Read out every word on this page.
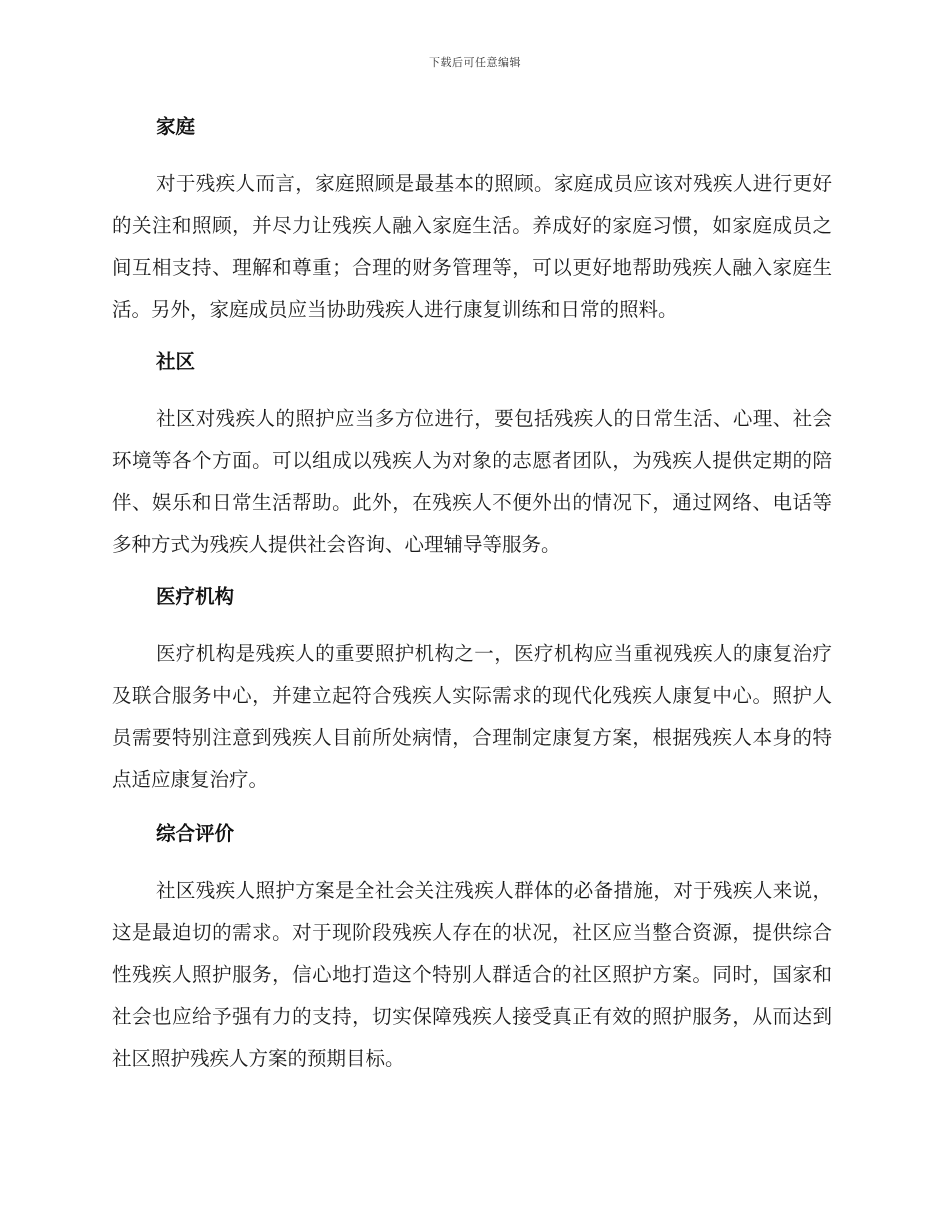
下载后可任意编辑
家庭

对于残疾人而言，家庭照顾是最基本的照顾。家庭成员应该对残疾人进行更好的关注和照顾，并尽力让残疾人融入家庭生活。养成好的家庭习惯，如家庭成员之间互相支持、理解和尊重；合理的财务管理等，可以更好地帮助残疾人融入家庭生活。另外，家庭成员应当协助残疾人进行康复训练和日常的照料。

社区

社区对残疾人的照护应当多方位进行，要包括残疾人的日常生活、心理、社会环境等各个方面。可以组成以残疾人为对象的志愿者团队，为残疾人提供定期的陪伴、娱乐和日常生活帮助。此外，在残疾人不便外出的情况下，通过网络、电话等多种方式为残疾人提供社会咨询、心理辅导等服务。

医疗机构

医疗机构是残疾人的重要照护机构之一，医疗机构应当重视残疾人的康复治疗及联合服务中心，并建立起符合残疾人实际需求的现代化残疾人康复中心。照护人员需要特别注意到残疾人目前所处病情，合理制定康复方案，根据残疾人本身的特点适应康复治疗。

综合评价

社区残疾人照护方案是全社会关注残疾人群体的必备措施，对于残疾人来说，这是最迫切的需求。对于现阶段残疾人存在的状况，社区应当整合资源，提供综合性残疾人照护服务，信心地打造这个特别人群适合的社区照护方案。同时，国家和社会也应给予强有力的支持，切实保障残疾人接受真正有效的照护服务，从而达到社区照护残疾人方案的预期目标。
